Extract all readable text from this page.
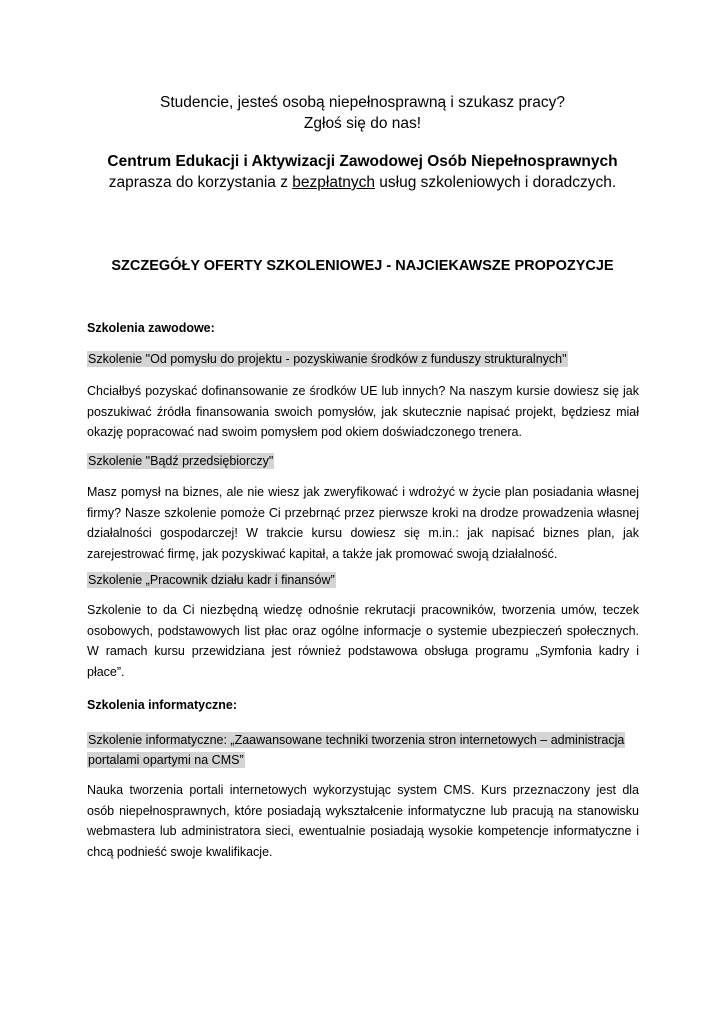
Studencie, jesteś osobą niepełnosprawną i szukasz pracy?

Zgłoś się do nas!

Centrum Edukacji i Aktywizacji Zawodowej Osób Niepełnosprawnych

zaprasza do korzystania z bezpłatnych usług szkoleniowych i doradczych.

SZCZEGÓŁY OFERTY SZKOLENIOWEJ - NAJCIEKAWSZE PROPOZYCJE
Szkolenia zawodowe:
Szkolenie "Od pomysłu do projektu - pozyskiwanie środków z funduszy strukturalnych"

Chciałbyś pozyskać dofinansowanie ze środków UE lub innych? Na naszym kursie dowiesz się jak poszukiwać źródła finansowania swoich pomysłów, jak skutecznie napisać projekt, będziesz miał okazję popracować nad swoim pomysłem pod okiem doświadczonego trenera.

Szkolenie "Bądź przedsiębiorczy"

Masz pomysł na biznes, ale nie wiesz jak zweryfikować i wdrożyć w życie plan posiadania własnej firmy? Nasze szkolenie pomoże Ci przebrnąć przez pierwsze kroki na drodze prowadzenia własnej działalności gospodarczej! W trakcie kursu dowiesz się m.in.: jak napisać biznes plan, jak zarejestrować firmę, jak pozyskiwać kapitał, a także jak promować swoją działalność.

Szkolenie „Pracownik działu kadr i finansów”

Szkolenie to da Ci niezbędną wiedzę odnośnie rekrutacji pracowników, tworzenia umów, teczek osobowych, podstawowych list płac oraz ogólne informacje o systemie ubezpieczeń społecznych. W ramach kursu przewidziana jest również podstawowa obsługa programu „Symfonia kadry i płace”.

Szkolenia informatyczne:
Szkolenie informatyczne: „Zaawansowane techniki tworzenia stron internetowych – administracja portalami opartymi na CMS”

Nauka tworzenia portali internetowych wykorzystując system CMS. Kurs przeznaczony jest dla osób niepełnosprawnych, które posiadają wykształcenie informatyczne lub pracują na stanowisku webmastera lub administratora sieci, ewentualnie posiadają wysokie kompetencje informatyczne i chcą podnieść swoje kwalifikacje.
